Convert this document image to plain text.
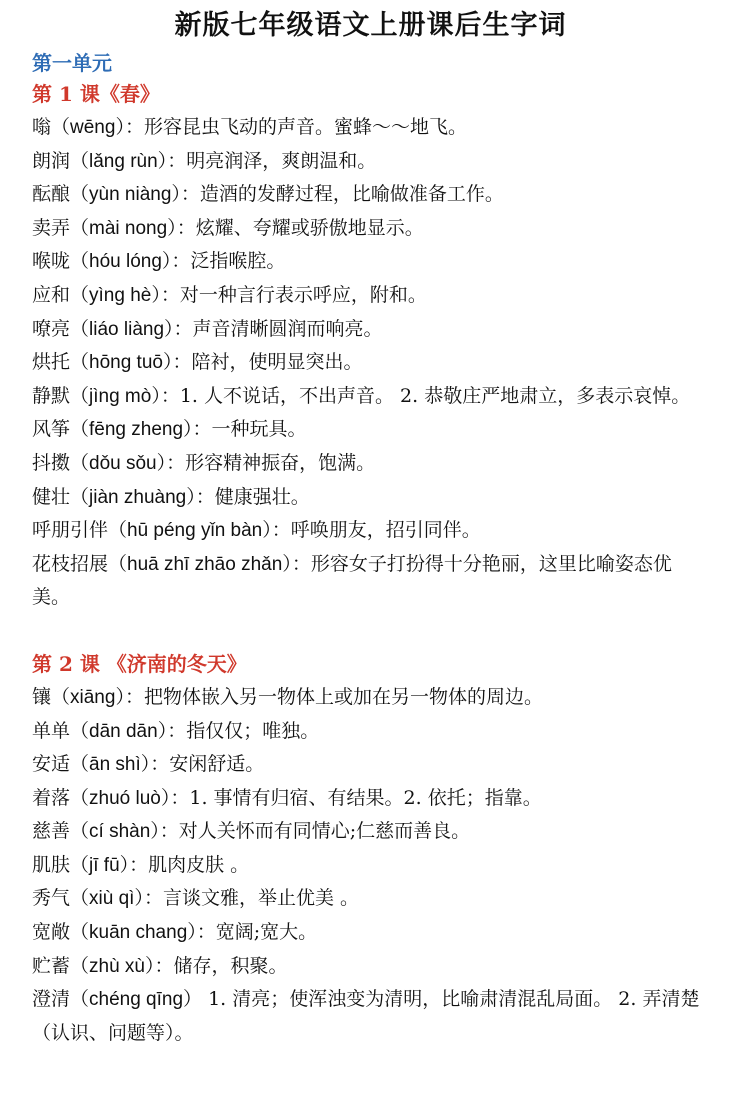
新版七年级语文上册课后生字词
第一单元
第 1 课《春》

嗡（wēng）：形容昆虫飞动的声音。蜜蜂～～地飞。

朗润（lǎng rùn）：明亮润泽，爽朗温和。

酝酿（yùn niàng）：造酒的发酵过程，比喻做准备工作。

卖弄（mài nong）：炫耀、夸耀或骄傲地显示。

喉咙（hóu lóng）：泛指喉腔。

应和（yìng hè）：对一种言行表示呼应，附和。

嘹亮（liáo liàng）：声音清晰圆润而响亮。

烘托（hōng tuō）：陪衬，使明显突出。

静默（jìng mò）：1. 人不说话，不出声音。 2. 恭敬庄严地肃立，多表示哀悼。

风筝（fēng zheng）：一种玩具。

抖擞（dǒu sǒu）：形容精神振奋，饱满。

健壮（jiàn zhuàng）：健康强壮。

呼朋引伴（hū péng yǐn bàn）：呼唤朋友，招引同伴。

花枝招展（huā zhī zhāo zhǎn）：形容女子打扮得十分艳丽，这里比喻姿态优美。

第 2 课 《济南的冬天》

镶（xiāng）：把物体嵌入另一物体上或加在另一物体的周边。

单单（dān dān）：指仅仅；唯独。

安适（ān shì）：安闲舒适。

着落（zhuó luò）：1. 事情有归宿、有结果。2. 依托；指靠。

慈善（cí shàn）：对人关怀而有同情心;仁慈而善良。

肌肤（jī fū）：肌肉皮肤 。

秀气（xiù qì）：言谈文雅，举止优美 。

宽敞（kuān chang）：宽阔;宽大。

贮蓄（zhù xù）：储存，积聚。

澄清（chéng qīng） 1. 清亮；使浑浊变为清明，比喻肃清混乱局面。 2. 弄清楚（认识、问题等）。
